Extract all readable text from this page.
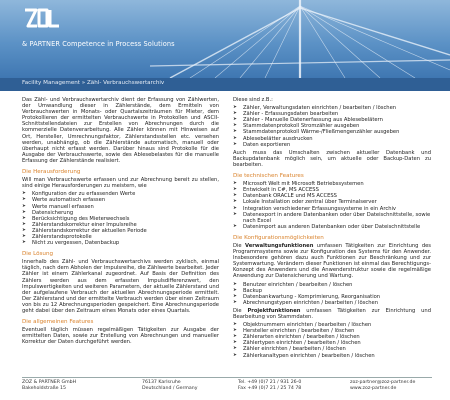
& PARTNER Competence in Process Solutions
Facility Management » Zähl- Verbrauchswertarchiv

Das Zähl- und Verbrauchswertarchiv dient der Erfassung von Zählwerten, der Umwandlung dieser in Zählerstände, dem Ermitteln von Verbrauchswerten in Monats- oder Quartalszeiträumen für Mieter, dem Protokollieren der ermittelten Verbrauchswerte in Protokollen und ASCII-Schnittstellendateien zur Erstellen von Abrechnungen durch die kommerzielle Datenverarbeitung. Alle Zähler können mit Hinweisen auf Ort, Hersteller, Umrechnungsfaktor, Zählerstandsstellen etc. versehen werden, unabhängig, ob die Zählerstände automatisch, manuell oder überhaupt nicht erfasst werden. Darüber hinaus sind Protokolle für die Ausgabe der Verbrauchswerte, sowie des Ablesebelastes für die manuelle Erfassung der Zählerstände realisiert.

Die Herausforderung

Will man Verbrauchswerte erfassen und zur Abrechnung bereit zu stellen, sind einige Herausforderungen zu meistern, wie

➤ Konfiguration der zu erfassenden Werte
➤ Werte automatisch erfassen
➤ Werte manuell erfassen
➤ Datensicherung
➤ Berücksichtigung des Mieterwechsels
➤ Zählerstandskorrektur einer Impulsreihe
➤ Zählerstandskorrektur der aktuellen Periode
➤ Zählerstandsprotokolle
➤ Nicht zu vergessen, Datenbackup
Die Lösung

Innerhalb des Zähl- und Verbrauchswertarchivs werden zyklisch, einmal täglich, nach dem Abholen der Impulsreihe, die Zählwerte bearbeitet. Jeder Zähler ist einem Zählerkanal zugeordnet. Auf Basis der Definition des Zählers werden aus dem erfassten Impulsdifferenzwert, den Impulswertigkeiten und weiteren Parametern, der aktuelle Zählerstand und der aufgelaufene Verbrauch der aktuellen Abrechnungsperiode ermittelt. Der Zählerstand und der ermittelte Verbrauch werden über einen Zeitraum von bis zu 12 Abrechnungsperioden gespeichert. Eine Abrechnungsperiode geht dabei über den Zeitraum eines Monats oder eines Quartals.

Die allgemeinen Features

Eventuell täglich müssen regelmäßigen Tätigkeiten zur Ausgabe der ermittelten Daten, sowie zur Erstellung von Abrechnungen und manueller Korrektur der Daten durchgeführt werden.

Diese sind z.B.:

➤ Zähler, Verwaltungsdaten einrichten / bearbeiten / löschen
➤ Zähler - Erfassungsdaten bearbeiten
➤ Zähler - Manuelle Datenerfassung aus Ablesebelätern
➤ Stammdatenprotokoll Stromzähler ausgeben
➤ Stammdatenprotokoll Wärme-/Fließmengenzähler ausgeben
➤ Ablesebelätter ausdrucken
➤ Daten exportieren

Auch muss das Umschalten zwischen aktueller Datenbank und Backupdatenbank möglich sein, um aktuelle oder Backup-Daten zu bearbeiten.

Die technischen Features
➤ Microsoft Welt mit Microsoft Betriebssystemen
➤ Entwickelt in C#, MS ACCESS
➤ Datenbank ORACLE und MS ACCESS
➤ Lokale Installation oder zentral über Terminalserver
➤ Integration verschiedener Erfassungssysteme in ein Archiv
➤ Datenexport in andere Datenbanken oder über Dateischnittstelle, sowie nach Excel
➤ Datenimport aus anderen Datenbanken oder über Dateischnittstelle
Die Konfigurationsmöglichkeiten

Die Verwaltungsfunktionen umfassen Tätigkeiten zur Einrichtung des Programmsystems sowie zur Konfiguration des Systems für den Anwender. Insbesondere gehören dazu auch Funktionen zur Beschränkung und zur Systemwartung. Verändern dieser Funktionen ist einmal das Berechtigungs-Konzept des Anwenders und die Anwenderstruktur sowie die regelmäßige Anwendung zur Datensicherung und Wartung.

➤ Benutzer einrichten / bearbeiten / löschen
➤ Backup
➤ Datenbankwartung - Komprimierung, Reorganisation
➤ Abrechnungstypen einrichten / bearbeiten / löschen

Die Projektfunktionen umfassen Tätigkeiten zur Einrichtung und Bearbeitung von Stammdaten.

➤ Objektnummern einrichten / bearbeiten / löschen
➤ Hersteller einrichten / bearbeiten / löschen
➤ Zählerarten einrichten / bearbeiten / löschen
➤ Zählertypen einrichten / bearbeiten / löschen
➤ Zähler einrichten / bearbeiten / löschen
➤ Zählerkanaltypen einrichten / bearbeiten / löschen
ZOZ & PARTNER GmbH
Bakeholdstraße 15
76137 Karlsruhe
Deutschland / Germany
Tel. +49 (0)7 21 / 931 26-0
Fax +49 (0)7 21 / 25 74 78
zoz-partner@zoz-partner.de
www.zoz-partner.de
